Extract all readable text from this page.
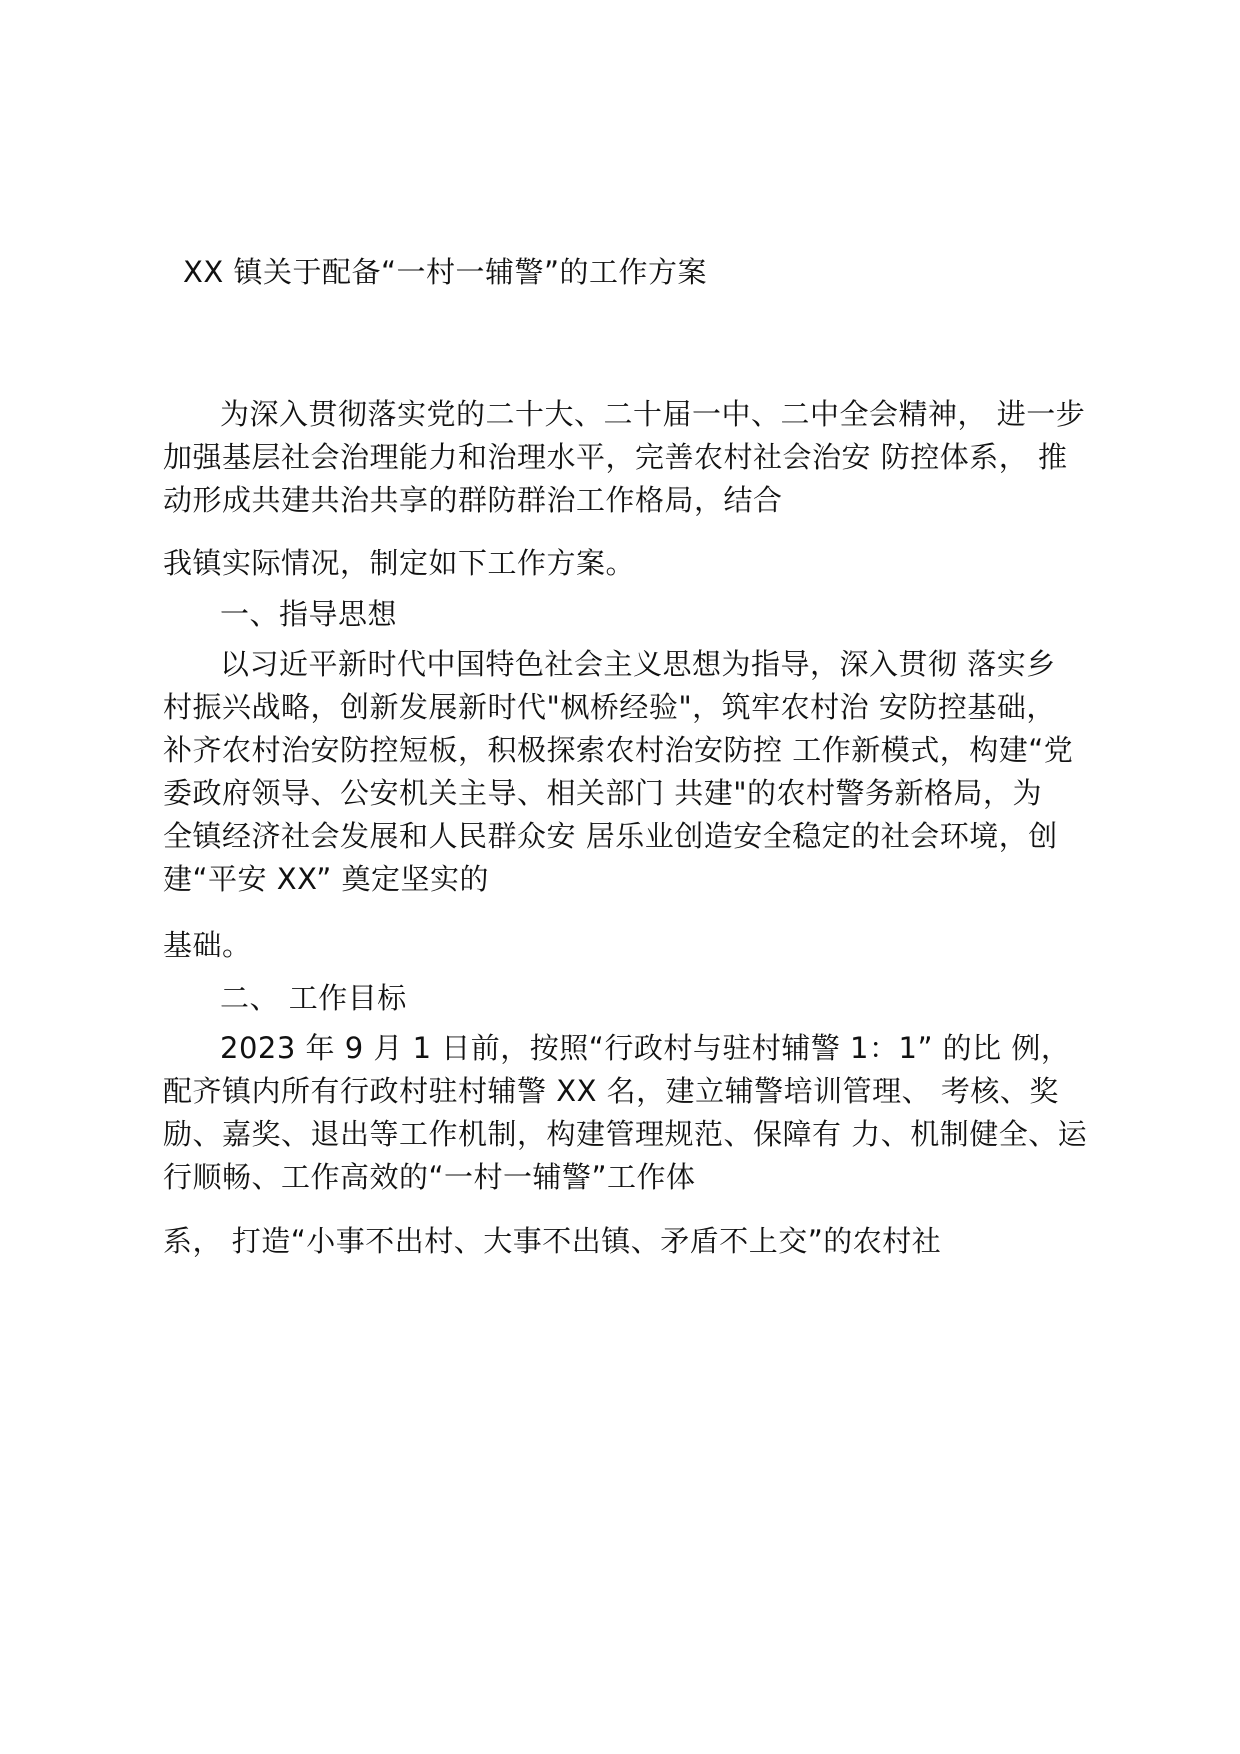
XX 镇关于配备“一村一辅警”的工作方案
为深入贯彻落实党的二十大、二十届一中、二中全会精神， 进一步
加强基层社会治理能力和治理水平，完善农村社会治安 防控体系， 推
动形成共建共治共享的群防群治工作格局，结合
我镇实际情况，制定如下工作方案。
一、指导思想
以习近平新时代中国特色社会主义思想为指导，深入贯彻 落实乡
村振兴战略，创新发展新时代"枫桥经验"，筑牢农村治 安防控基础，
补齐农村治安防控短板，积极探索农村治安防控 工作新模式，构建“党
委政府领导、公安机关主导、相关部门 共建"的农村警务新格局，为
全镇经济社会发展和人民群众安 居乐业创造安全稳定的社会环境，创
建“平安 XX” 奠定坚实的
基础。
二、 工作目标
2023 年 9 月 1 日前，按照“行政村与驻村辅警 1：1” 的比 例，
配齐镇内所有行政村驻村辅警 XX 名，建立辅警培训管理、 考核、奖
励、嘉奖、退出等工作机制，构建管理规范、保障有 力、机制健全、运
行顺畅、工作高效的“一村一辅警”工作体
系， 打造“小事不出村、大事不出镇、矛盾不上交”的农村社
